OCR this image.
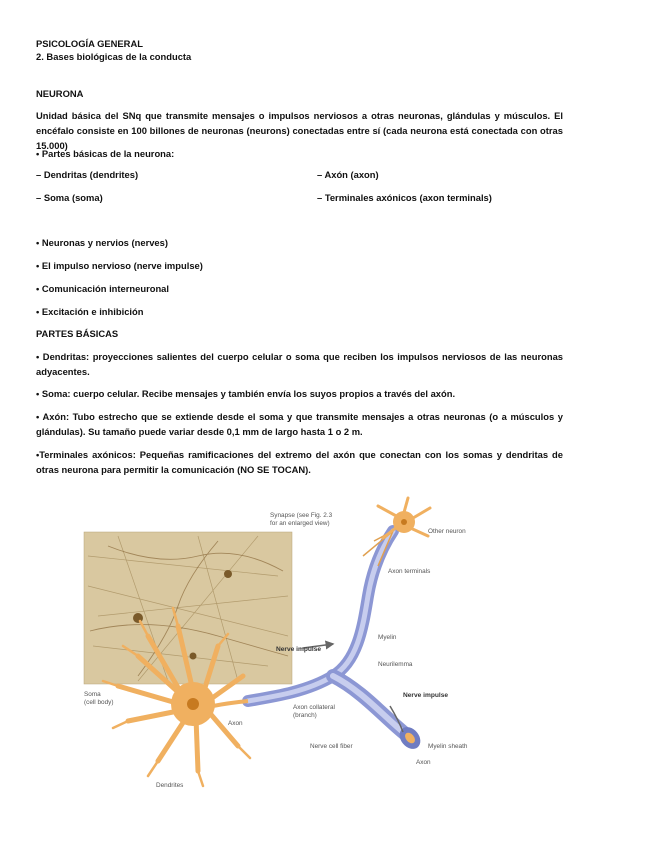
PSICOLOGÍA GENERAL
2. Bases biológicas de la conducta
NEURONA
Unidad básica del SNq que transmite mensajes o impulsos nerviosos a otras neuronas, glándulas y músculos. El encéfalo consiste en 100 billones de neuronas (neurons) conectadas entre sí (cada neurona está conectada con otras 15.000)
• Partes básicas de la neurona:
– Dendritas (dendrites)	– Axón (axon)
– Soma (soma)	– Terminales axónicos (axon terminals)
• Neuronas y nervios (nerves)
• El impulso nervioso (nerve impulse)
• Comunicación interneuronal
• Excitación e inhibición
PARTES BÁSICAS
• Dendritas: proyecciones salientes del cuerpo celular o soma que reciben los impulsos nerviosos de las neuronas adyacentes.
• Soma: cuerpo celular. Recibe mensajes y también envía los suyos propios a través del axón.
• Axón: Tubo estrecho que se extiende desde el soma y que transmite mensajes a otras neuronas (o a músculos y glándulas). Su tamaño puede variar desde 0,1 mm de largo hasta 1 o 2 m.
•Terminales axónicos: Pequeñas ramificaciones del extremo del axón que conectan con los somas y dendritas de otras neurona para permitir la comunicación (NO SE TOCAN).
Synapse (see Fig. 2.3
for an enlarged view)
Other neuron
Axon terminals
Myelin
Nerve impulse
Neurilemma
Nerve impulse
Soma
(cell body)
Axon
Axon collateral
(branch)
Nerve cell fiber	Myelin sheath
Axon
Dendrites
